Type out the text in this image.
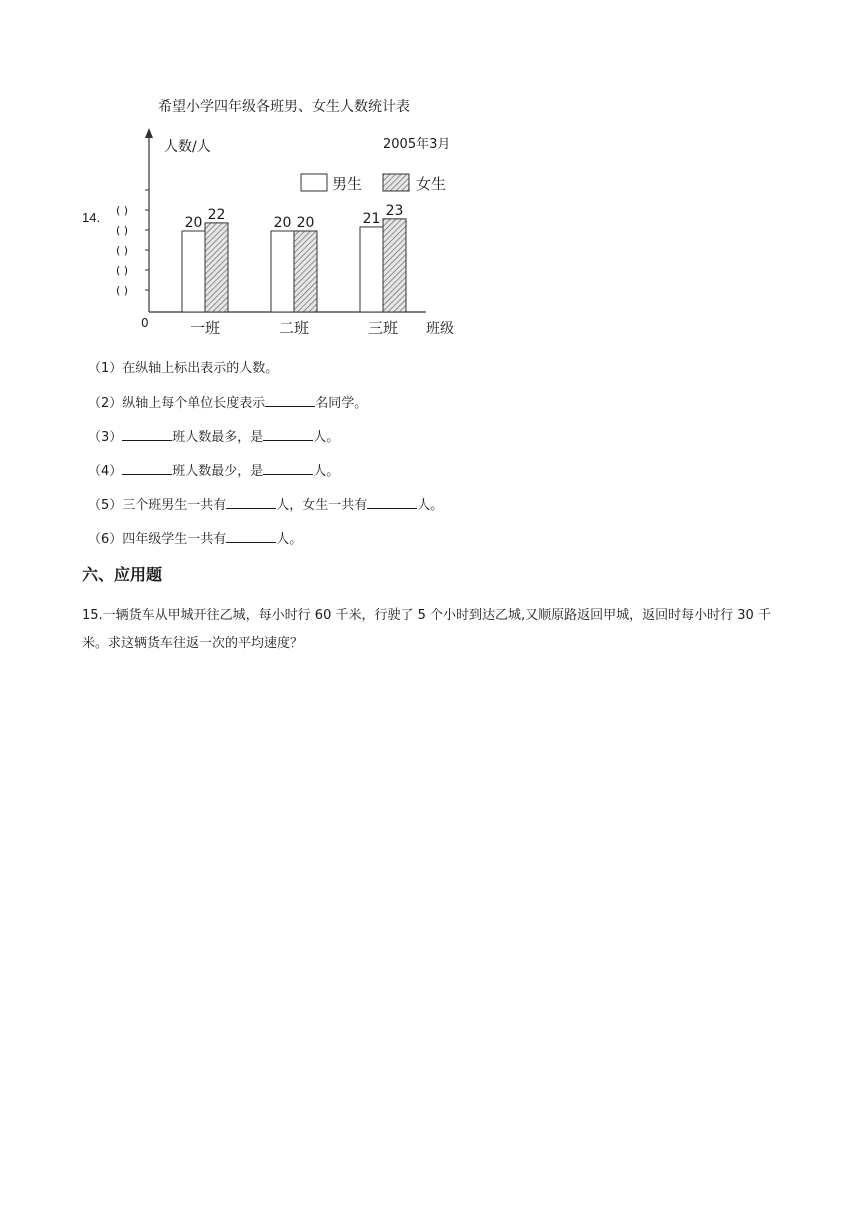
14.
希望小学四年级各班男、女生人数统计表
人数/人	2005年3月
( )
( )
( )
( )
( )
0	班级
男生	女生
20
22
20 20	21
23
一班	二班	三班
（1）在纵轴上标出表示的人数。
（2）纵轴上每个单位长度表示	名同学。
（3）	班人数最多，是	人。
（4）	班人数最少，是	人。
（5）三个班男生一共有	人，女生一共有	人。
（6）四年级学生一共有	人。
六、应用题
15.一辆货车从甲城开往乙城，每小时行 60 千米，行驶了 5 个小时到达乙城,又顺原路返回甲城，返回时每小时行 30 千米。求这辆货车往返一次的平均速度？
